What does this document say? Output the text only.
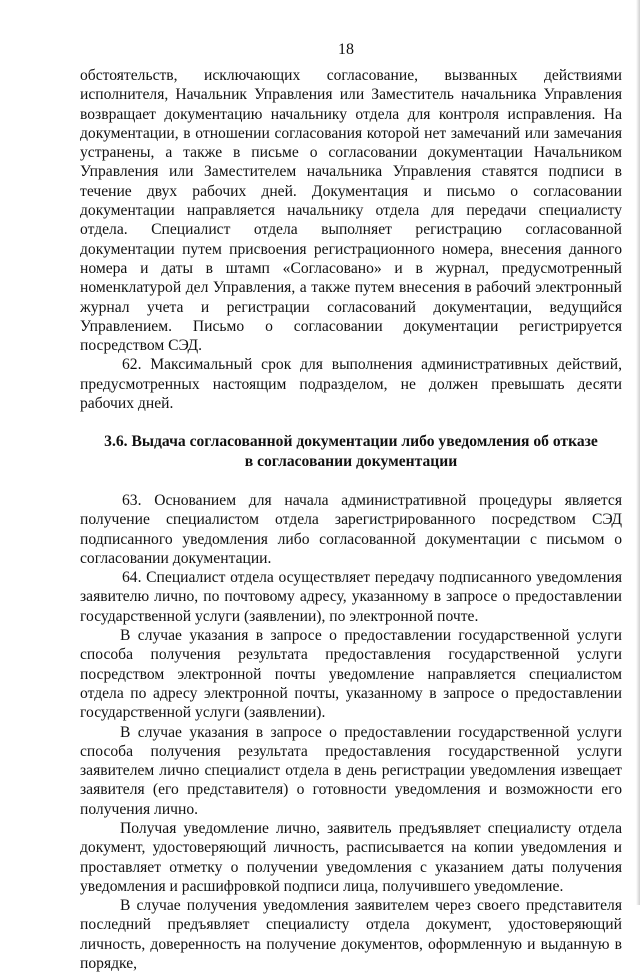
18

обстоятельств, исключающих согласование, вызванных действиями исполнителя, Начальник Управления или Заместитель начальника Управления возвращает документацию начальнику отдела для контроля исправления. На документации, в отношении согласования которой нет замечаний или замечания устранены, а также в письме о согласовании документации Начальником Управления или Заместителем начальника Управления ставятся подписи в течение двух рабочих дней. Документация и письмо о согласовании документации направляется начальнику отдела для передачи специалисту отдела. Специалист отдела выполняет регистрацию согласованной документации путем присвоения регистрационного номера, внесения данного номера и даты в штамп «Согласовано» и в журнал, предусмотренный номенклатурой дел Управления, а также путем внесения в рабочий электронный журнал учета и регистрации согласований документации, ведущийся Управлением. Письмо о согласовании документации регистрируется посредством СЭД.

62. Максимальный срок для выполнения административных действий, предусмотренных настоящим подразделом, не должен превышать десяти рабочих дней.

3.6. Выдача согласованной документации либо уведомления об отказе
в согласовании документации

63. Основанием для начала административной процедуры является получение специалистом отдела зарегистрированного посредством СЭД подписанного уведомления либо согласованной документации с письмом о согласовании документации.

64. Специалист отдела осуществляет передачу подписанного уведомления заявителю лично, по почтовому адресу, указанному в запросе о предоставлении государственной услуги (заявлении), по электронной почте.

В случае указания в запросе о предоставлении государственной услуги способа получения результата предоставления государственной услуги посредством электронной почты уведомление направляется специалистом отдела по адресу электронной почты, указанному в запросе о предоставлении государственной услуги (заявлении).

В случае указания в запросе о предоставлении государственной услуги способа получения результата предоставления государственной услуги заявителем лично специалист отдела в день регистрации уведомления извещает заявителя (его представителя) о готовности уведомления и возможности его получения лично.

Получая уведомление лично, заявитель предъявляет специалисту отдела документ, удостоверяющий личность, расписывается на копии уведомления и проставляет отметку о получении уведомления с указанием даты получения уведомления и расшифровкой подписи лица, получившего уведомление.

В случае получения уведомления заявителем через своего представителя последний предъявляет специалисту отдела документ, удостоверяющий личность, доверенность на получение документов, оформленную и выданную в порядке,
